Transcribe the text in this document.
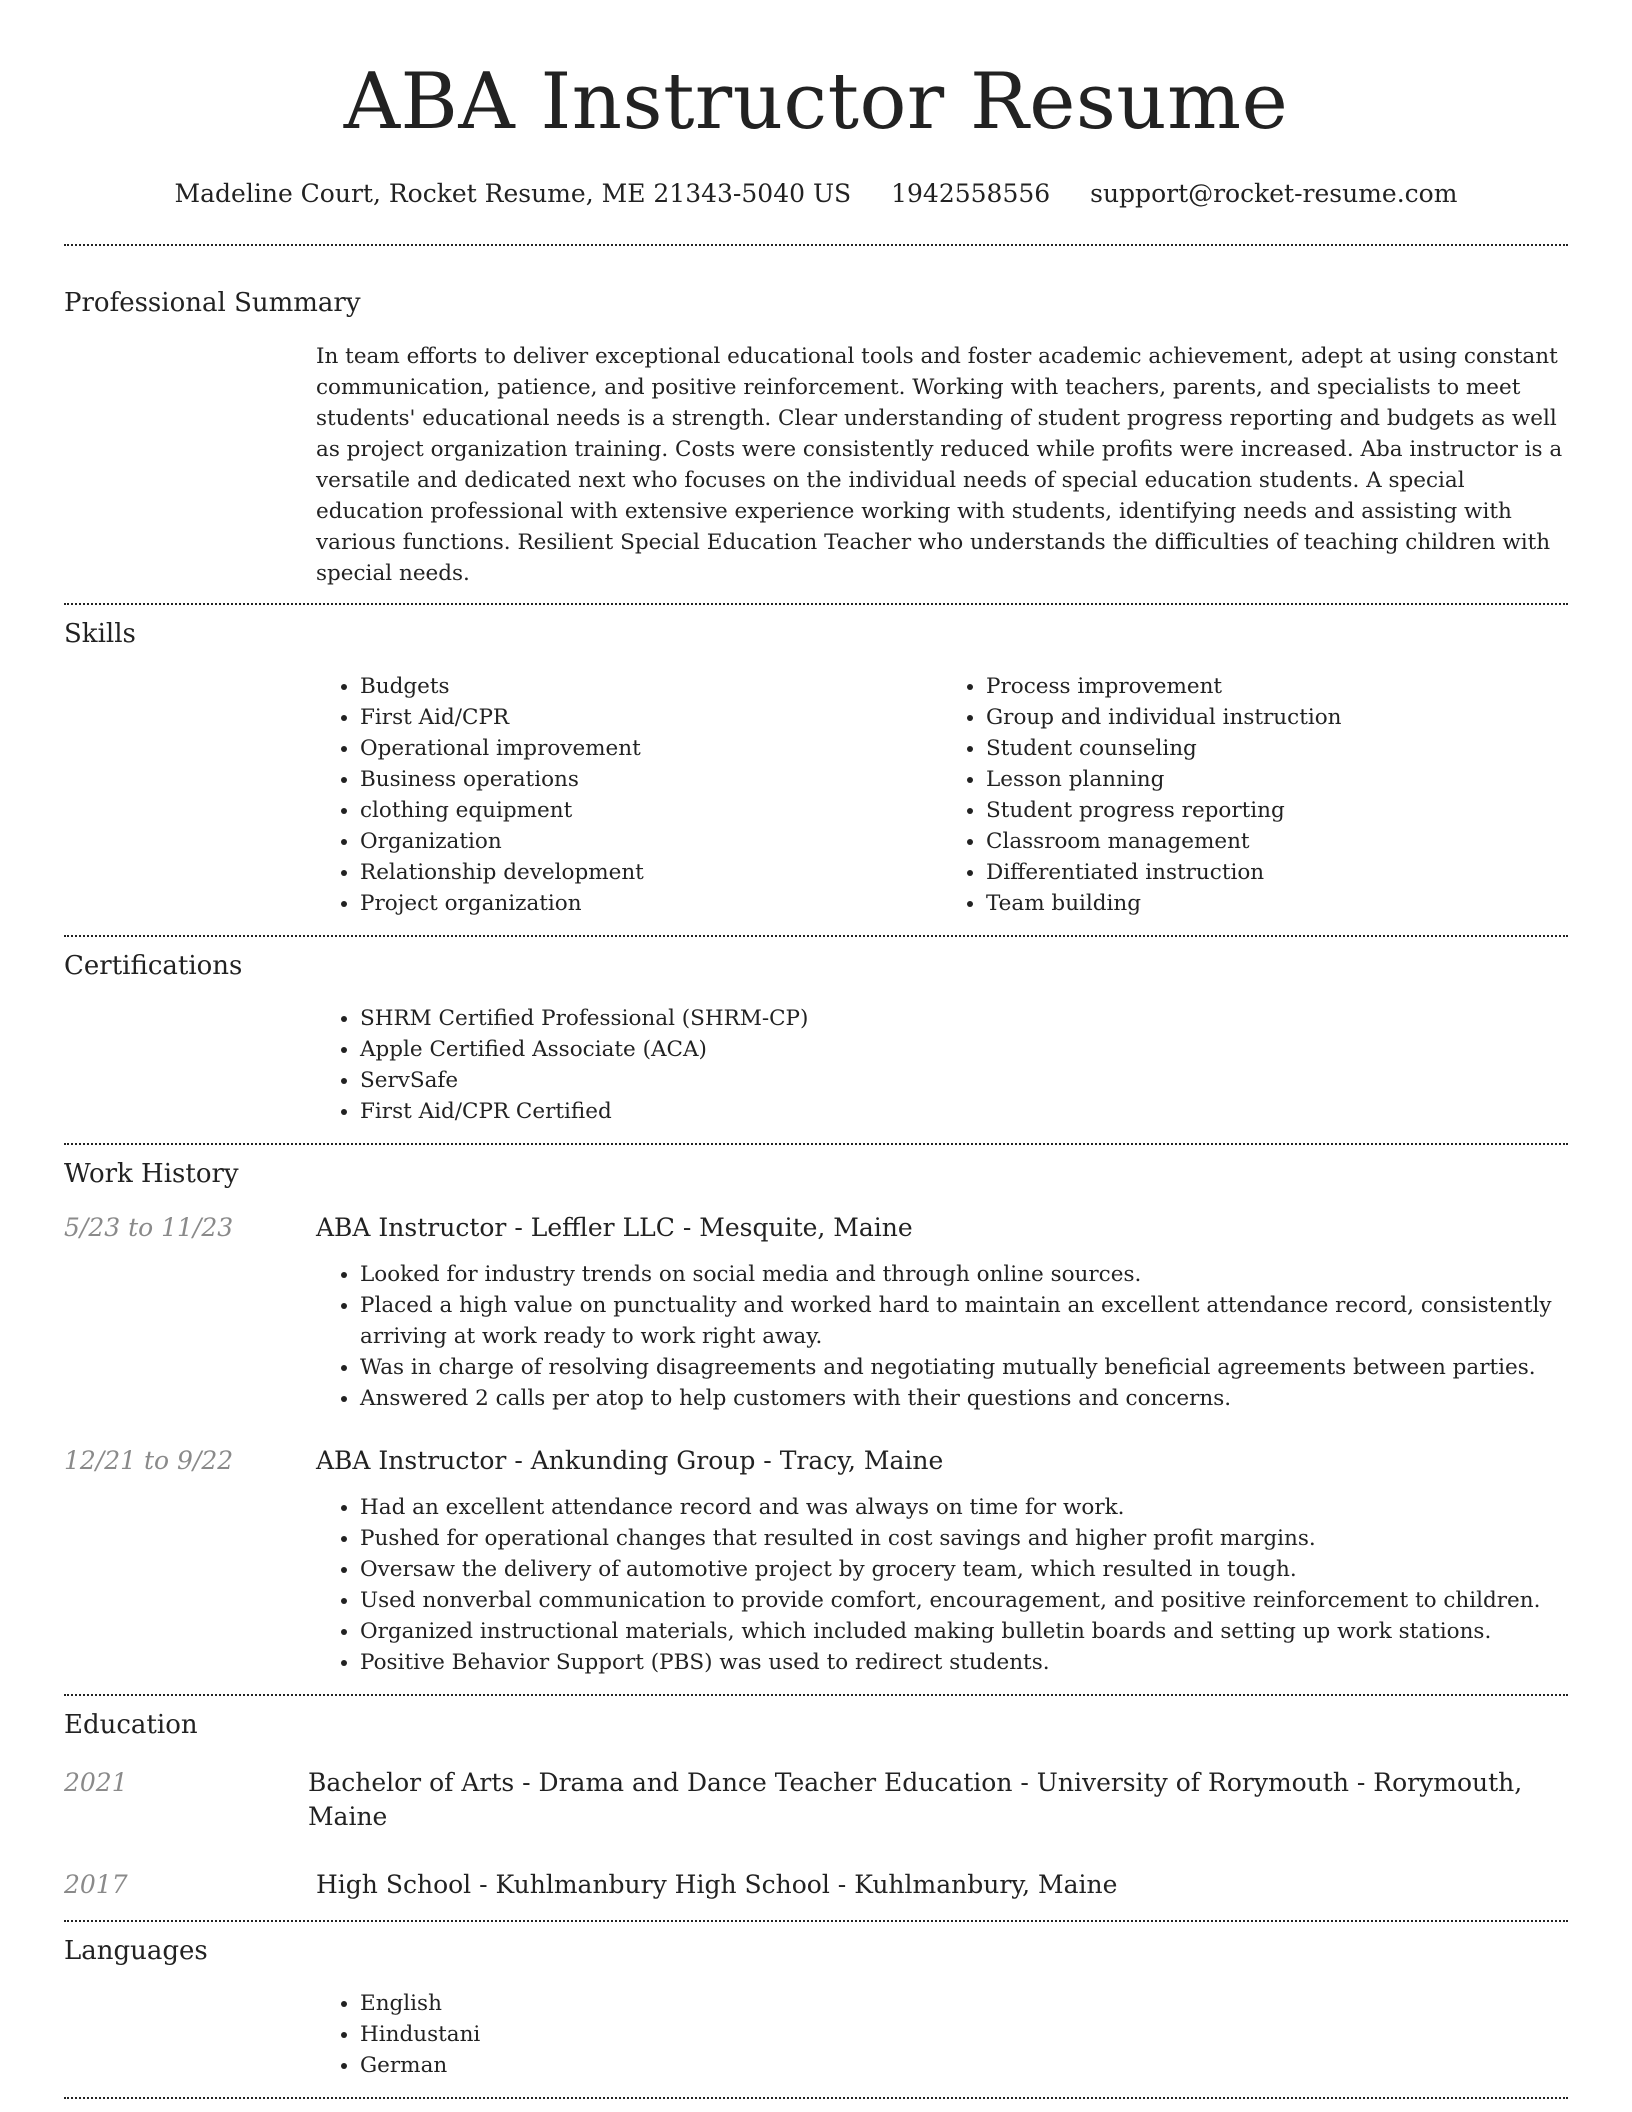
ABA Instructor Resume
Madeline Court, Rocket Resume, ME 21343-5040 US 1942558556 support@rocket-resume.com
Professional Summary
In team efforts to deliver exceptional educational tools and foster academic achievement, adept at using constant communication, patience, and positive reinforcement. Working with teachers, parents, and specialists to meet students' educational needs is a strength. Clear understanding of student progress reporting and budgets as well as project organization training. Costs were consistently reduced while profits were increased. Aba instructor is a versatile and dedicated next who focuses on the individual needs of special education students. A special education professional with extensive experience working with students, identifying needs and assisting with various functions. Resilient Special Education Teacher who understands the difficulties of teaching children with special needs.
Skills
• Budgets
• First Aid/CPR
• Operational improvement
• Business operations
• clothing equipment
• Organization
• Relationship development
• Project organization
• Process improvement
• Group and individual instruction
• Student counseling
• Lesson planning
• Student progress reporting
• Classroom management
• Differentiated instruction
• Team building
Certifications
• SHRM Certified Professional (SHRM-CP)
• Apple Certified Associate (ACA)
• ServSafe
• First Aid/CPR Certified
Work History
5/23 to 11/23	ABA Instructor - Leffler LLC - Mesquite, Maine
• Looked for industry trends on social media and through online sources.
• Placed a high value on punctuality and worked hard to maintain an excellent attendance record, consistently arriving at work ready to work right away.
• Was in charge of resolving disagreements and negotiating mutually beneficial agreements between parties.
• Answered 2 calls per atop to help customers with their questions and concerns.
12/21 to 9/22	ABA Instructor - Ankunding Group - Tracy, Maine
• Had an excellent attendance record and was always on time for work.
• Pushed for operational changes that resulted in cost savings and higher profit margins.
• Oversaw the delivery of automotive project by grocery team, which resulted in tough.
• Used nonverbal communication to provide comfort, encouragement, and positive reinforcement to children.
• Organized instructional materials, which included making bulletin boards and setting up work stations.
• Positive Behavior Support (PBS) was used to redirect students.
Education
2021	Bachelor of Arts - Drama and Dance Teacher Education - University of Rorymouth - Rorymouth, Maine
2017	High School - Kuhlmanbury High School - Kuhlmanbury, Maine
Languages
• English
• Hindustani
• German
